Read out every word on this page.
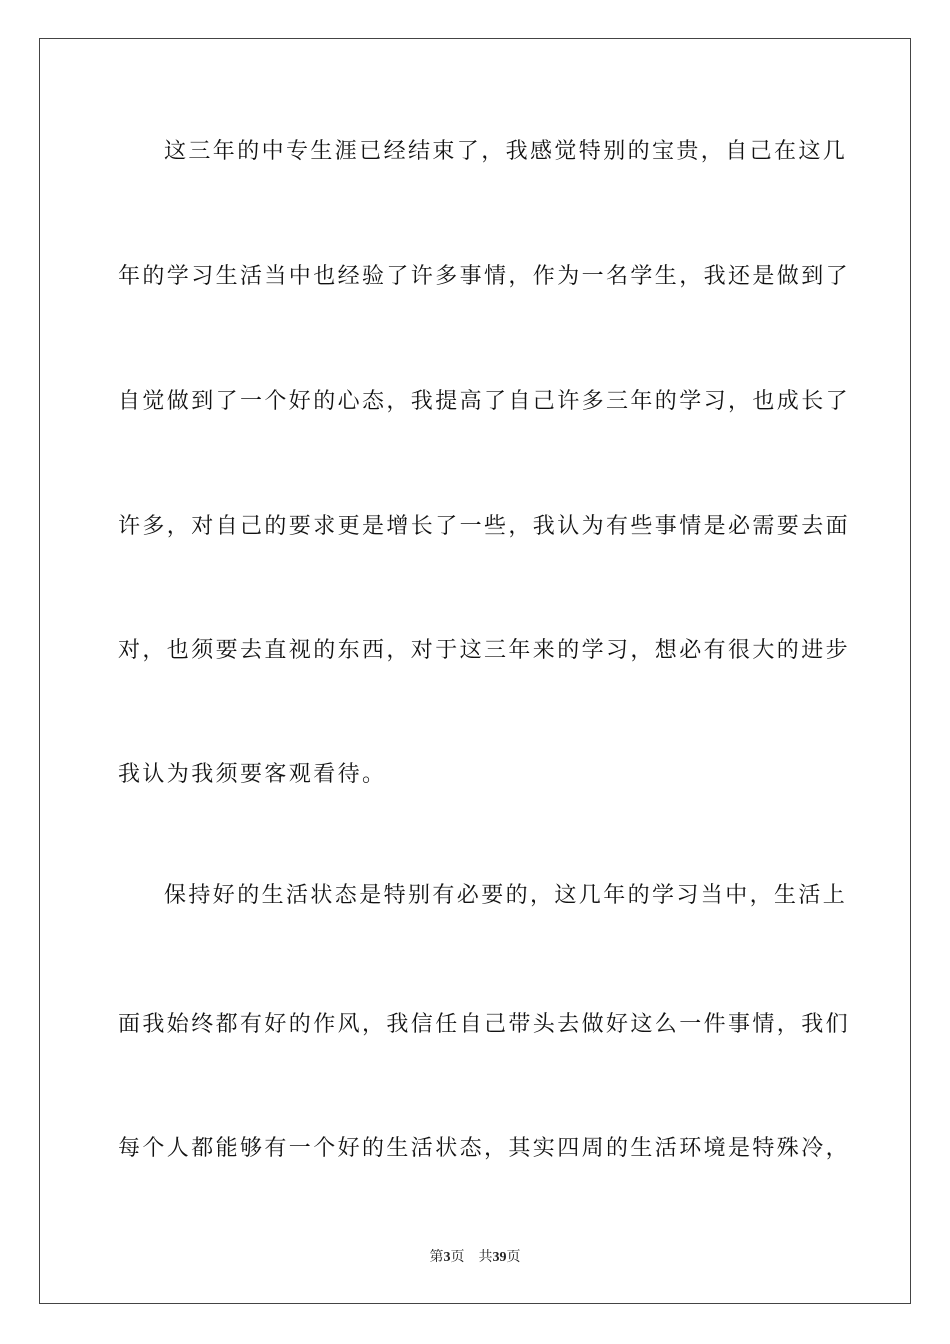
这三年的中专生涯已经结束了，我感觉特别的宝贵，自己在这几
年的学习生活当中也经验了许多事情，作为一名学生，我还是做到了
自觉做到了一个好的心态，我提高了自己许多三年的学习，也成长了
许多，对自己的要求更是增长了一些，我认为有些事情是必需要去面
对，也须要去直视的东西，对于这三年来的学习，想必有很大的进步
我认为我须要客观看待。
保持好的生活状态是特别有必要的，这几年的学习当中，生活上
面我始终都有好的作风，我信任自己带头去做好这么一件事情，我们
每个人都能够有一个好的生活状态，其实四周的生活环境是特殊冷，
第3页 共39页
